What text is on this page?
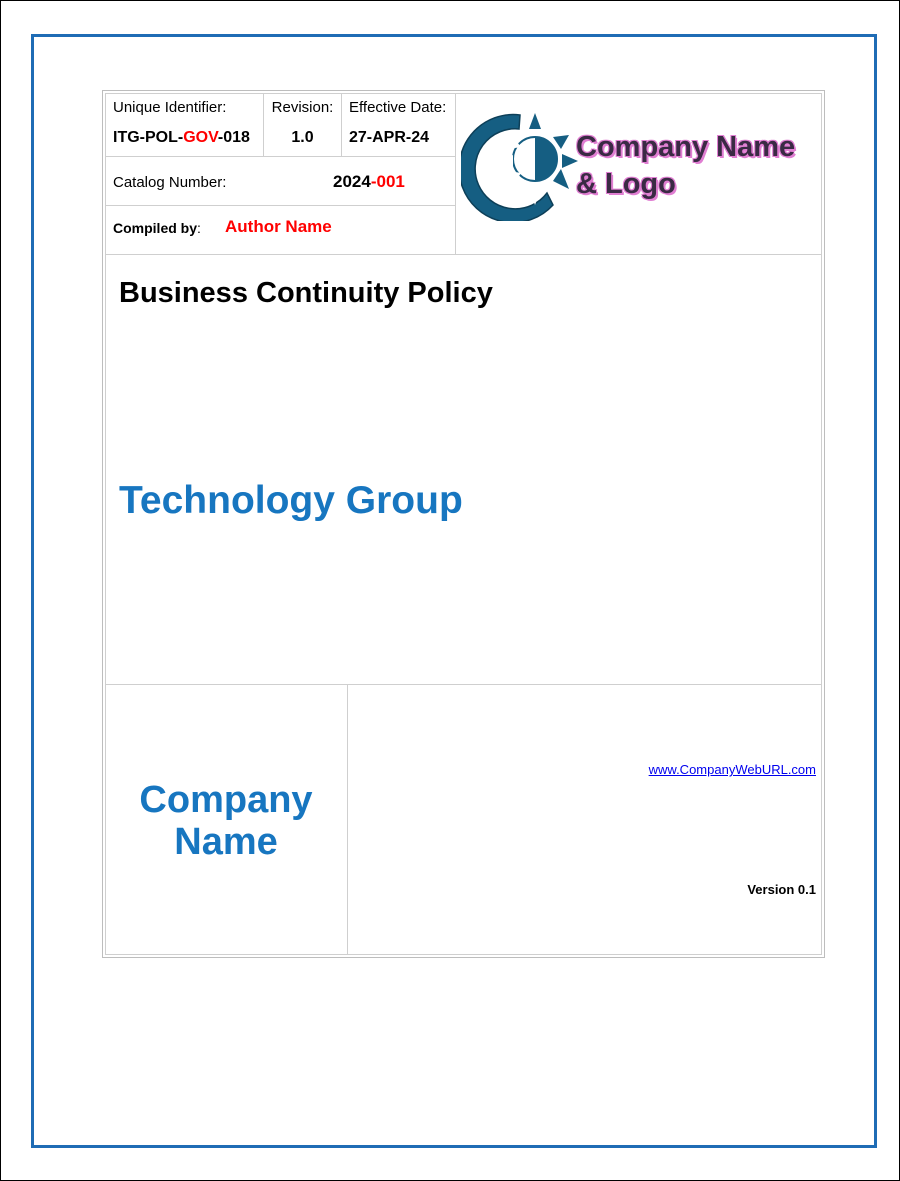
Unique Identifier:
ITG-POL-GOV-018
Revision:
1.0
Effective Date:
27-APR-24
Catalog Number:	2024-001
Compiled by: Author Name
Company Name
& Logo
Business Continuity Policy
Technology Group
Company
Name
www.CompanyWebURL.com
Version 0.1
